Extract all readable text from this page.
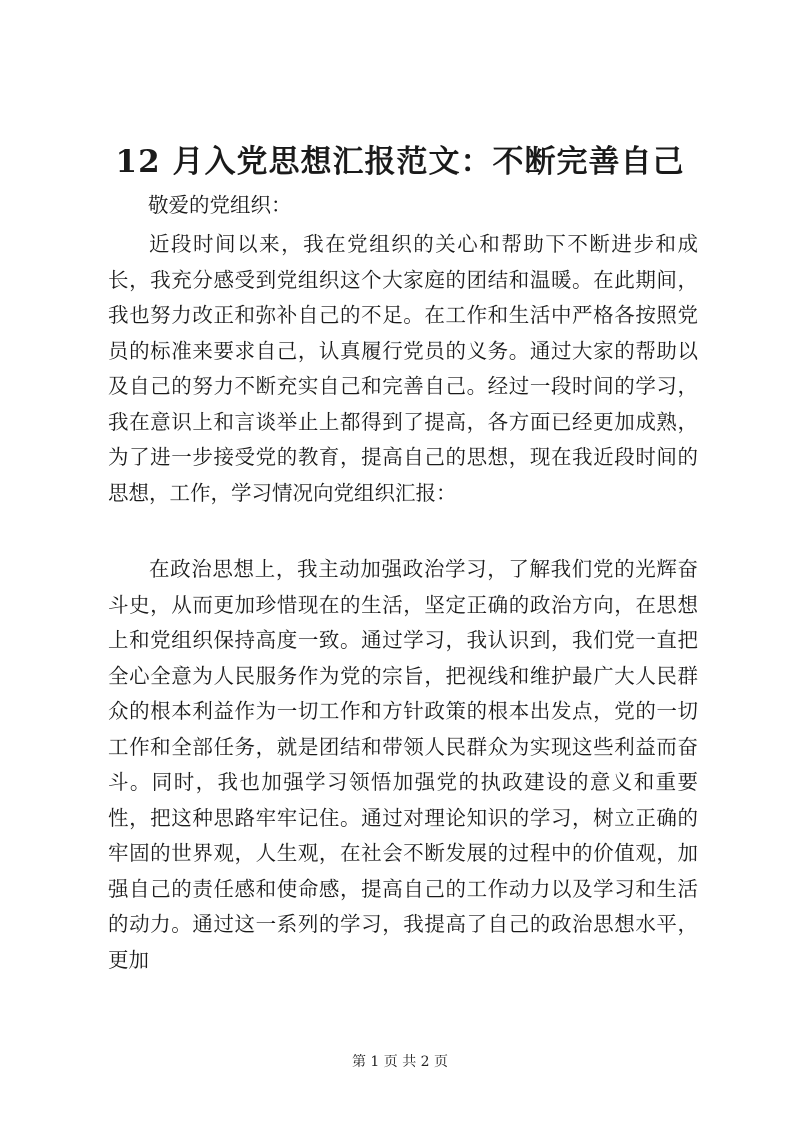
12 月入党思想汇报范文：不断完善自己
敬爱的党组织：

近段时间以来，我在党组织的关心和帮助下不断进步和成长，我充分感受到党组织这个大家庭的团结和温暖。在此期间，我也努力改正和弥补自己的不足。在工作和生活中严格各按照党员的标准来要求自己，认真履行党员的义务。通过大家的帮助以及自己的努力不断充实自己和完善自己。经过一段时间的学习，我在意识上和言谈举止上都得到了提高，各方面已经更加成熟，为了进一步接受党的教育，提高自己的思想，现在我近段时间的思想，工作，学习情况向党组织汇报：

在政治思想上，我主动加强政治学习，了解我们党的光辉奋斗史，从而更加珍惜现在的生活，坚定正确的政治方向，在思想上和党组织保持高度一致。通过学习，我认识到，我们党一直把全心全意为人民服务作为党的宗旨，把视线和维护最广大人民群众的根本利益作为一切工作和方针政策的根本出发点，党的一切工作和全部任务，就是团结和带领人民群众为实现这些利益而奋斗。同时，我也加强学习领悟加强党的执政建设的意义和重要性，把这种思路牢牢记住。通过对理论知识的学习，树立正确的牢固的世界观，人生观，在社会不断发展的过程中的价值观，加强自己的责任感和使命感，提高自己的工作动力以及学习和生活的动力。通过这一系列的学习，我提高了自己的政治思想水平，更加

第 1 页 共 2 页
